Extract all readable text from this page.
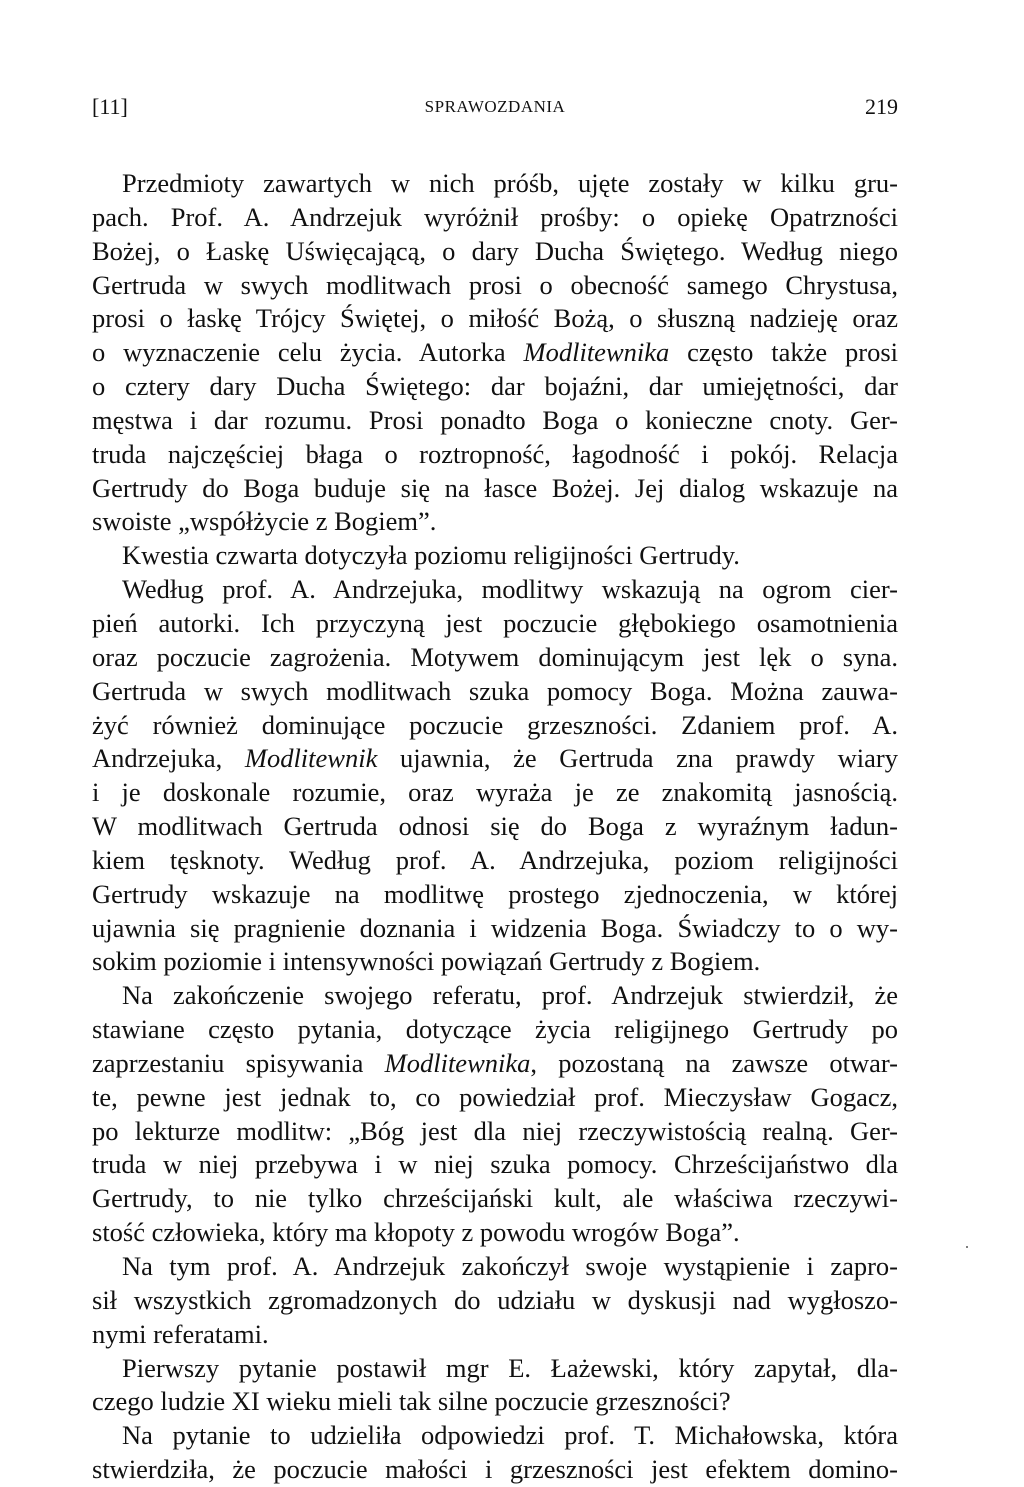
[11]	SPRAWOZDANIA	219
Przedmioty zawartych w nich próśb, ujęte zostały w kilku gru-
pach. Prof. A. Andrzejuk wyróżnił prośby: o opiekę Opatrzności
Bożej, o Łaskę Uświęcającą, o dary Ducha Świętego. Według niego
Gertruda w swych modlitwach prosi o obecność samego Chrystusa,
prosi o łaskę Trójcy Świętej, o miłość Bożą, o słuszną nadzieję oraz
o wyznaczenie celu życia. Autorka Modlitewnika często także prosi
o cztery dary Ducha Świętego: dar bojaźni, dar umiejętności, dar
męstwa i dar rozumu. Prosi ponadto Boga o konieczne cnoty. Ger-
truda najczęściej błaga o roztropność, łagodność i pokój. Relacja
Gertrudy do Boga buduje się na łasce Bożej. Jej dialog wskazuje na
swoiste „współżycie z Bogiem”.
Kwestia czwarta dotyczyła poziomu religijności Gertrudy.
Według prof. A. Andrzejuka, modlitwy wskazują na ogrom cier-
pień autorki. Ich przyczyną jest poczucie głębokiego osamotnienia
oraz poczucie zagrożenia. Motywem dominującym jest lęk o syna.
Gertruda w swych modlitwach szuka pomocy Boga. Można zauwa-
żyć również dominujące poczucie grzeszności. Zdaniem prof. A.
Andrzejuka, Modlitewnik ujawnia, że Gertruda zna prawdy wiary
i je doskonale rozumie, oraz wyraża je ze znakomitą jasnością.
W modlitwach Gertruda odnosi się do Boga z wyraźnym ładun-
kiem tęsknoty. Według prof. A. Andrzejuka, poziom religijności
Gertrudy wskazuje na modlitwę prostego zjednoczenia, w której
ujawnia się pragnienie doznania i widzenia Boga. Świadczy to o wy-
sokim poziomie i intensywności powiązań Gertrudy z Bogiem.
Na zakończenie swojego referatu, prof. Andrzejuk stwierdził, że
stawiane często pytania, dotyczące życia religijnego Gertrudy po
zaprzestaniu spisywania Modlitewnika, pozostaną na zawsze otwar-
te, pewne jest jednak to, co powiedział prof. Mieczysław Gogacz,
po lekturze modlitw: „Bóg jest dla niej rzeczywistością realną. Ger-
truda w niej przebywa i w niej szuka pomocy. Chrześcijaństwo dla
Gertrudy, to nie tylko chrześcijański kult, ale właściwa rzeczywi-
stość człowieka, który ma kłopoty z powodu wrogów Boga”.
Na tym prof. A. Andrzejuk zakończył swoje wystąpienie i zapro-
sił wszystkich zgromadzonych do udziału w dyskusji nad wygłoszo-
nymi referatami.
Pierwszy pytanie postawił mgr E. Łażewski, który zapytał, dla-
czego ludzie XI wieku mieli tak silne poczucie grzeszności?
Na pytanie to udzieliła odpowiedzi prof. T. Michałowska, która
stwierdziła, że poczucie małości i grzeszności jest efektem domino-
